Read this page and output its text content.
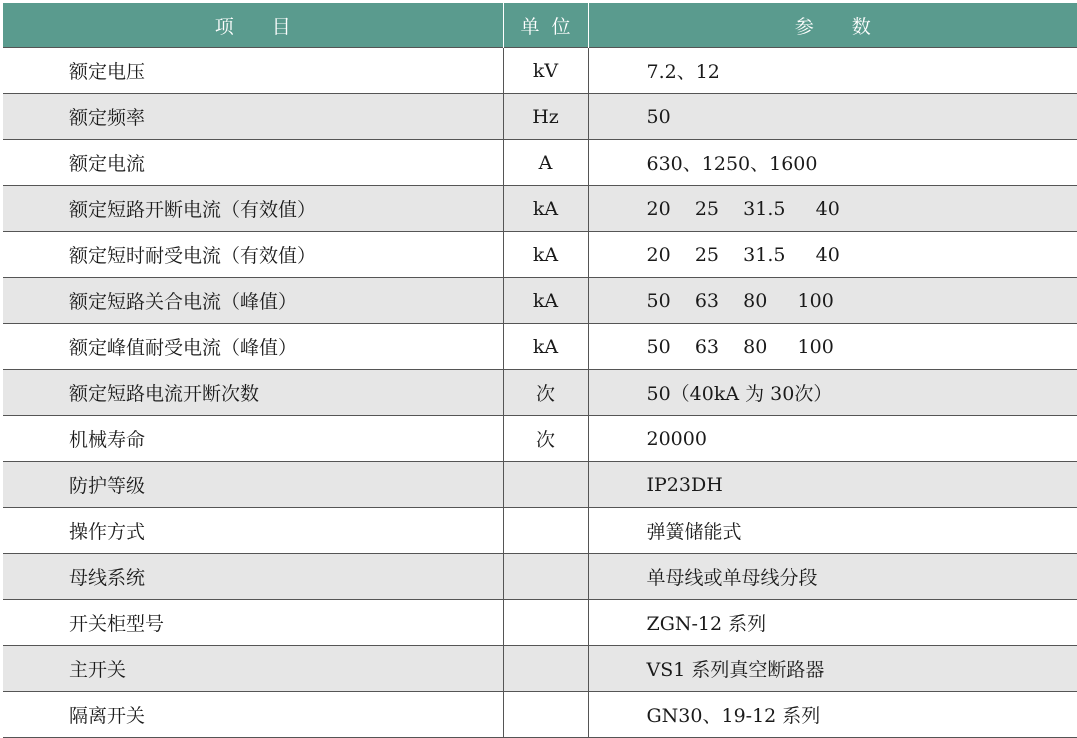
项　　目	单  位	参　　数
额定电压	kV	7.2、12
额定频率	Hz	50
额定电流	A	630、1250、1600
额定短路开断电流（有效值）	kA	20    25    31.5     40
额定短时耐受电流（有效值）	kA	20    25    31.5     40
额定短路关合电流（峰值）	kA	50    63    80     100
额定峰值耐受电流（峰值）	kA	50    63    80     100
额定短路电流开断次数	次	50（40kA 为 30次）
机械寿命	次	20000
防护等级		IP23DH
操作方式		弹簧储能式
母线系统		单母线或单母线分段
开关柜型号		ZGN-12 系列
主开关		VS1 系列真空断路器
隔离开关		GN30、19-12 系列
